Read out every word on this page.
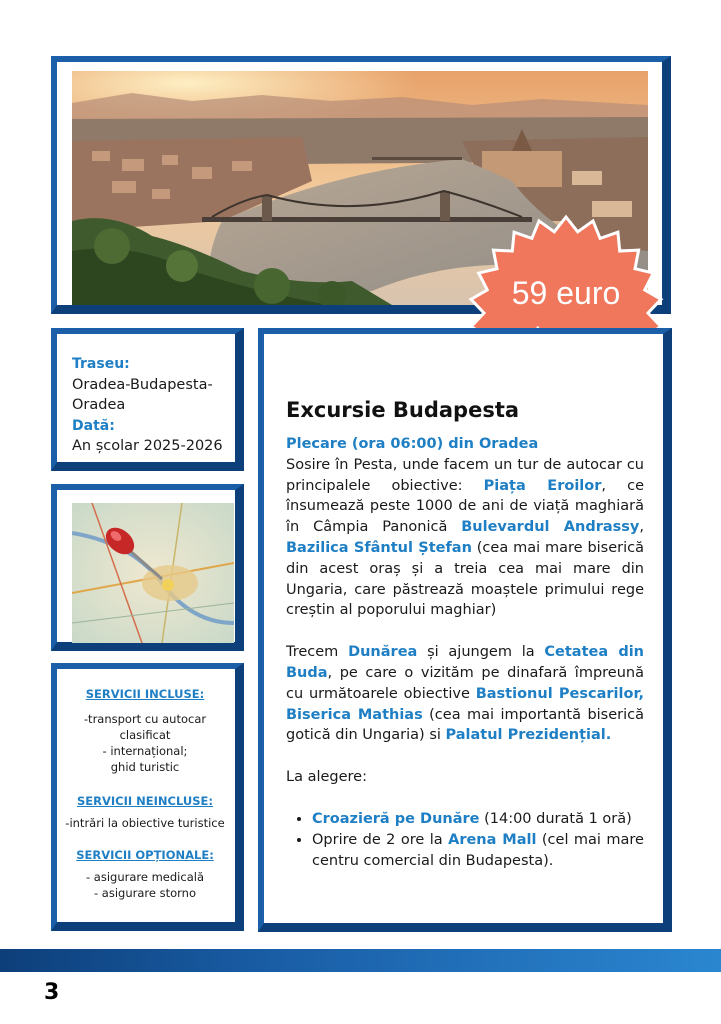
59 euro
Traseu:
Oradea-Budapesta-
Oradea
Dată:
An școlar 2025-2026
SERVICII INCLUSE:
-transport cu autocar
clasificat
- internațional;
ghid turistic
SERVICII NEINCLUSE:
-intrări la obiective turistice
SERVICII OPȚIONALE:
- asigurare medicală
- asigurare storno
Excursie Budapesta

Plecare (ora 06:00) din Oradea

Sosire în Pesta, unde facem un tur de autocar cu principalele obiective: Piața Eroilor, ce însumează peste 1000 de ani de viață maghiară în Câmpia Panonică Bulevardul Andrassy, Bazilica Sfântul Ștefan (cea mai mare biserică din acest oraș și a treia cea mai mare din Ungaria, care păstrează moaștele primului rege creștin al poporului maghiar)

Trecem Dunărea și ajungem la Cetatea din Buda, pe care o vizităm pe dinafară împreună cu următoarele obiective Bastionul Pescarilor, Biserica Mathias (cea mai importantă biserică gotică din Ungaria) si Palatul Prezidențial.

La alegere:

• Croazieră pe Dunăre (14:00 durată 1 oră)
• Oprire de 2 ore la Arena Mall (cel mai mare centru comercial din Budapesta).
3
